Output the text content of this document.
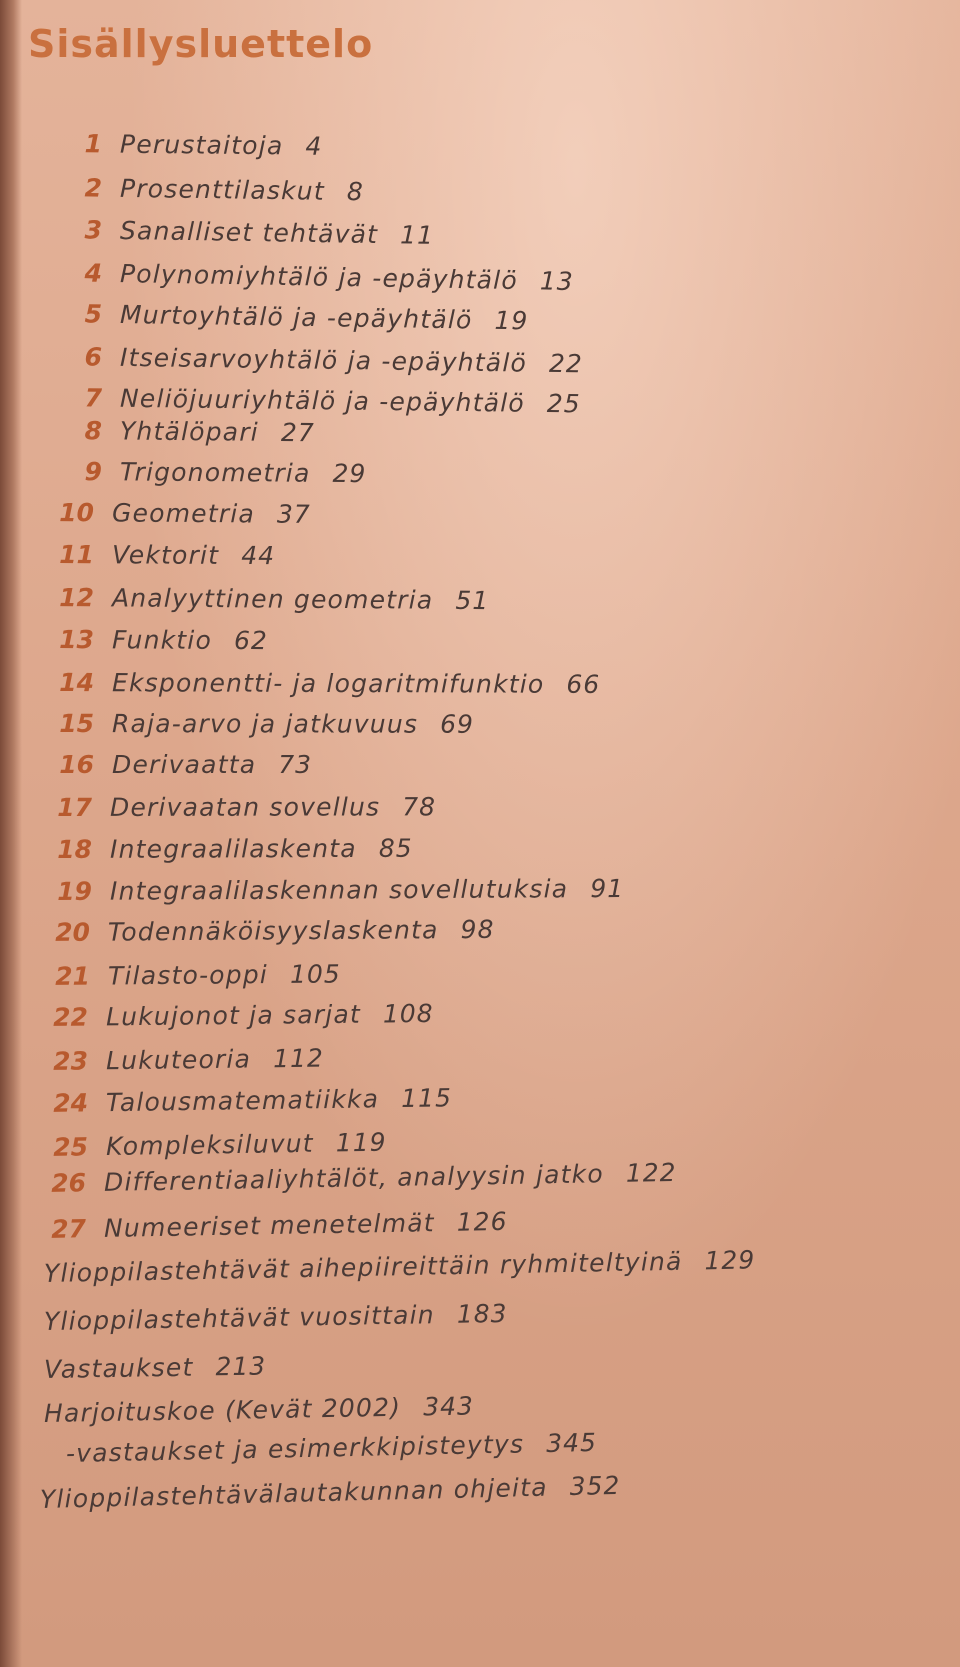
Sisällysluettelo
1 Perustaitoja 4
2 Prosenttilaskut 8
3 Sanalliset tehtävät 11
4 Polynomiyhtälö ja -epäyhtälö 13
5 Murtoyhtälö ja -epäyhtälö 19
6 Itseisarvoyhtälö ja -epäyhtälö 22
7 Neliöjuuriyhtälö ja -epäyhtälö 25
8 Yhtälöpari 27
9 Trigonometria 29
10 Geometria 37
11 Vektorit 44
12 Analyyttinen geometria 51
13 Funktio 62
14 Eksponentti- ja logaritmifunktio 66
15 Raja-arvo ja jatkuvuus 69
16 Derivaatta 73
17 Derivaatan sovellus 78
18 Integraalilaskenta 85
19 Integraalilaskennan sovellutuksia 91
20 Todennäköisyyslaskenta 98
21 Tilasto-oppi 105
22 Lukujonot ja sarjat 108
23 Lukuteoria 112
24 Talousmatematiikka 115
25 Kompleksiluvut 119
26 Differentiaaliyhtälöt, analyysin jatko 122
27 Numeeriset menetelmät 126
Ylioppilastehtävät aihepiireittäin ryhmiteltyinä 129
Ylioppilastehtävät vuosittain 183
Vastaukset 213
Harjoituskoe (Kevät 2002) 343
-vastaukset ja esimerkkipisteytys 345
Ylioppilastehtävälautakunnan ohjeita 352
